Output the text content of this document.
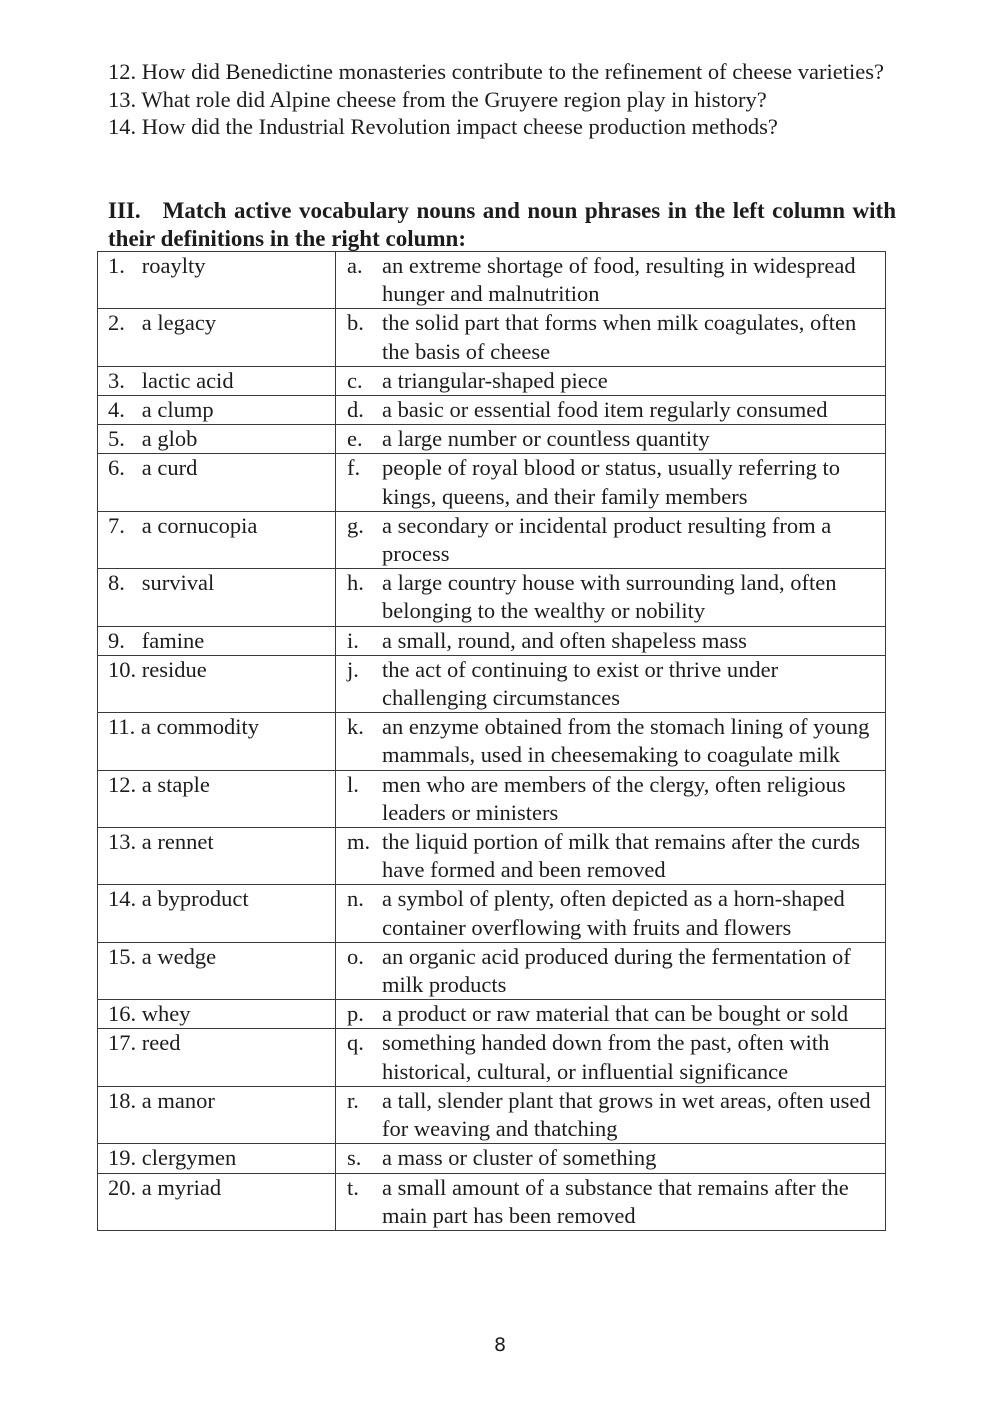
12. How did Benedictine monasteries contribute to the refinement of cheese varieties?
13. What role did Alpine cheese from the Gruyere region play in history?
14. How did the Industrial Revolution impact cheese production methods?
III. Match active vocabulary nouns and noun phrases in the left column with their definitions in the right column:
1.   roaylty	a. an extreme shortage of food, resulting in widespread hunger and malnutrition

2.   a legacy	b. the solid part that forms when milk coagulates, often the basis of cheese

3.   lactic acid	c. a triangular-shaped piece

4.   a clump	d. a basic or essential food item regularly consumed

5.   a glob	e. a large number or countless quantity

6.   a curd	f. people of royal blood or status, usually referring to kings, queens, and their family members

7.   a cornucopia	g. a secondary or incidental product resulting from a process

8.   survival	h. a large country house with surrounding land, often belonging to the wealthy or nobility

9.   famine	i. a small, round, and often shapeless mass

10. residue	j. the act of continuing to exist or thrive under challenging circumstances

11. a commodity	k. an enzyme obtained from the stomach lining of young mammals, used in cheesemaking to coagulate milk

12. a staple	l. men who are members of the clergy, often religious leaders or ministers

13. a rennet	m. the liquid portion of milk that remains after the curds have formed and been removed

14. a byproduct	n. a symbol of plenty, often depicted as a horn-shaped container overflowing with fruits and flowers

15. a wedge	o. an organic acid produced during the fermentation of milk products

16. whey	p. a product or raw material that can be bought or sold

17. reed	q. something handed down from the past, often with historical, cultural, or influential significance

18. a manor	r. a tall, slender plant that grows in wet areas, often used for weaving and thatching

19. clergymen	s. a mass or cluster of something

20. a myriad	t. a small amount of a substance that remains after the main part has been removed
8
